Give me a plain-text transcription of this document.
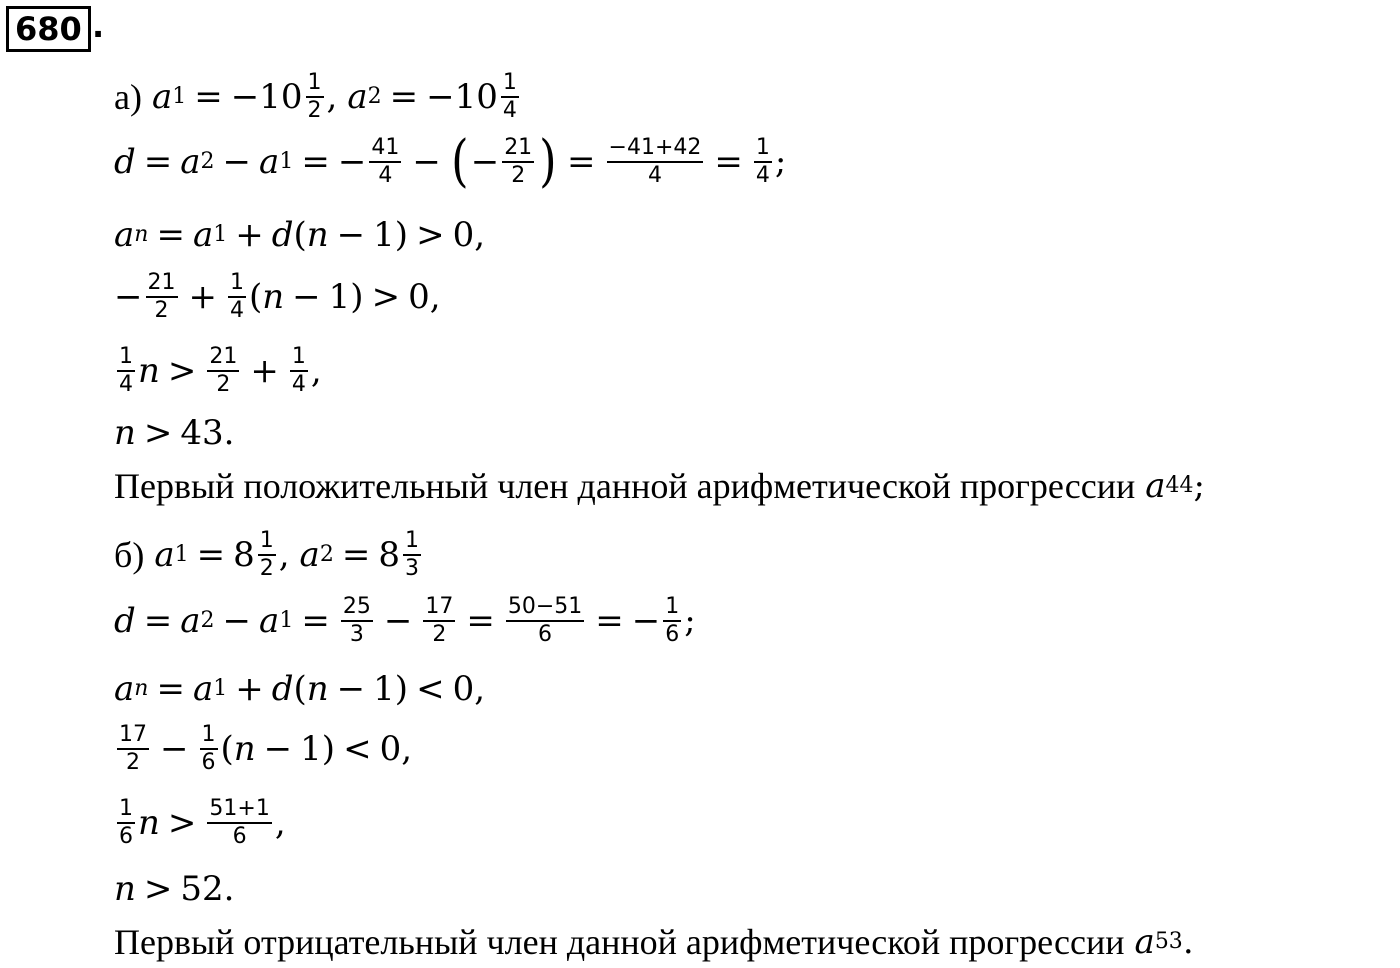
680 .
а) a $1 = -10 \frac{1}{2}$ , a $2 = -10 \frac{1}{4}$
d = a 2 − a 1 = − $\frac{41}{4}$ − ( − $\frac{21}{2}$ ) = $\frac{-41+42}{4} = \frac{1}{4}$ ;
a n = a 1 + d ( n − 1) > 0,
− $\frac{21}{2} + \frac{1}{4}$ ( n − 1) > 0,
$\frac{1}{4}$ $n > \frac{21}{2} + \frac{1}{4}$ ,
n > 43.
Первый положительный член данной арифметической прогрессии a 44 ;
б) a $1 = 8 \frac{1}{2}$ , a $2 = 8 \frac{1}{3}$
d = a 2 − a $1 = \frac{25}{3} - \frac{17}{2} = \frac{50-51}{6}$ = − $\frac{1}{6}$ ;
a n = a 1 + d ( n − 1) < 0,
$\frac{17}{2} - \frac{1}{6}$ ( n − 1) < 0,
$\frac{1}{6}$ $n > \frac{51+1}{6}$ ,
n > 52.
Первый отрицательный член данной арифметической прогрессии a 53 .
